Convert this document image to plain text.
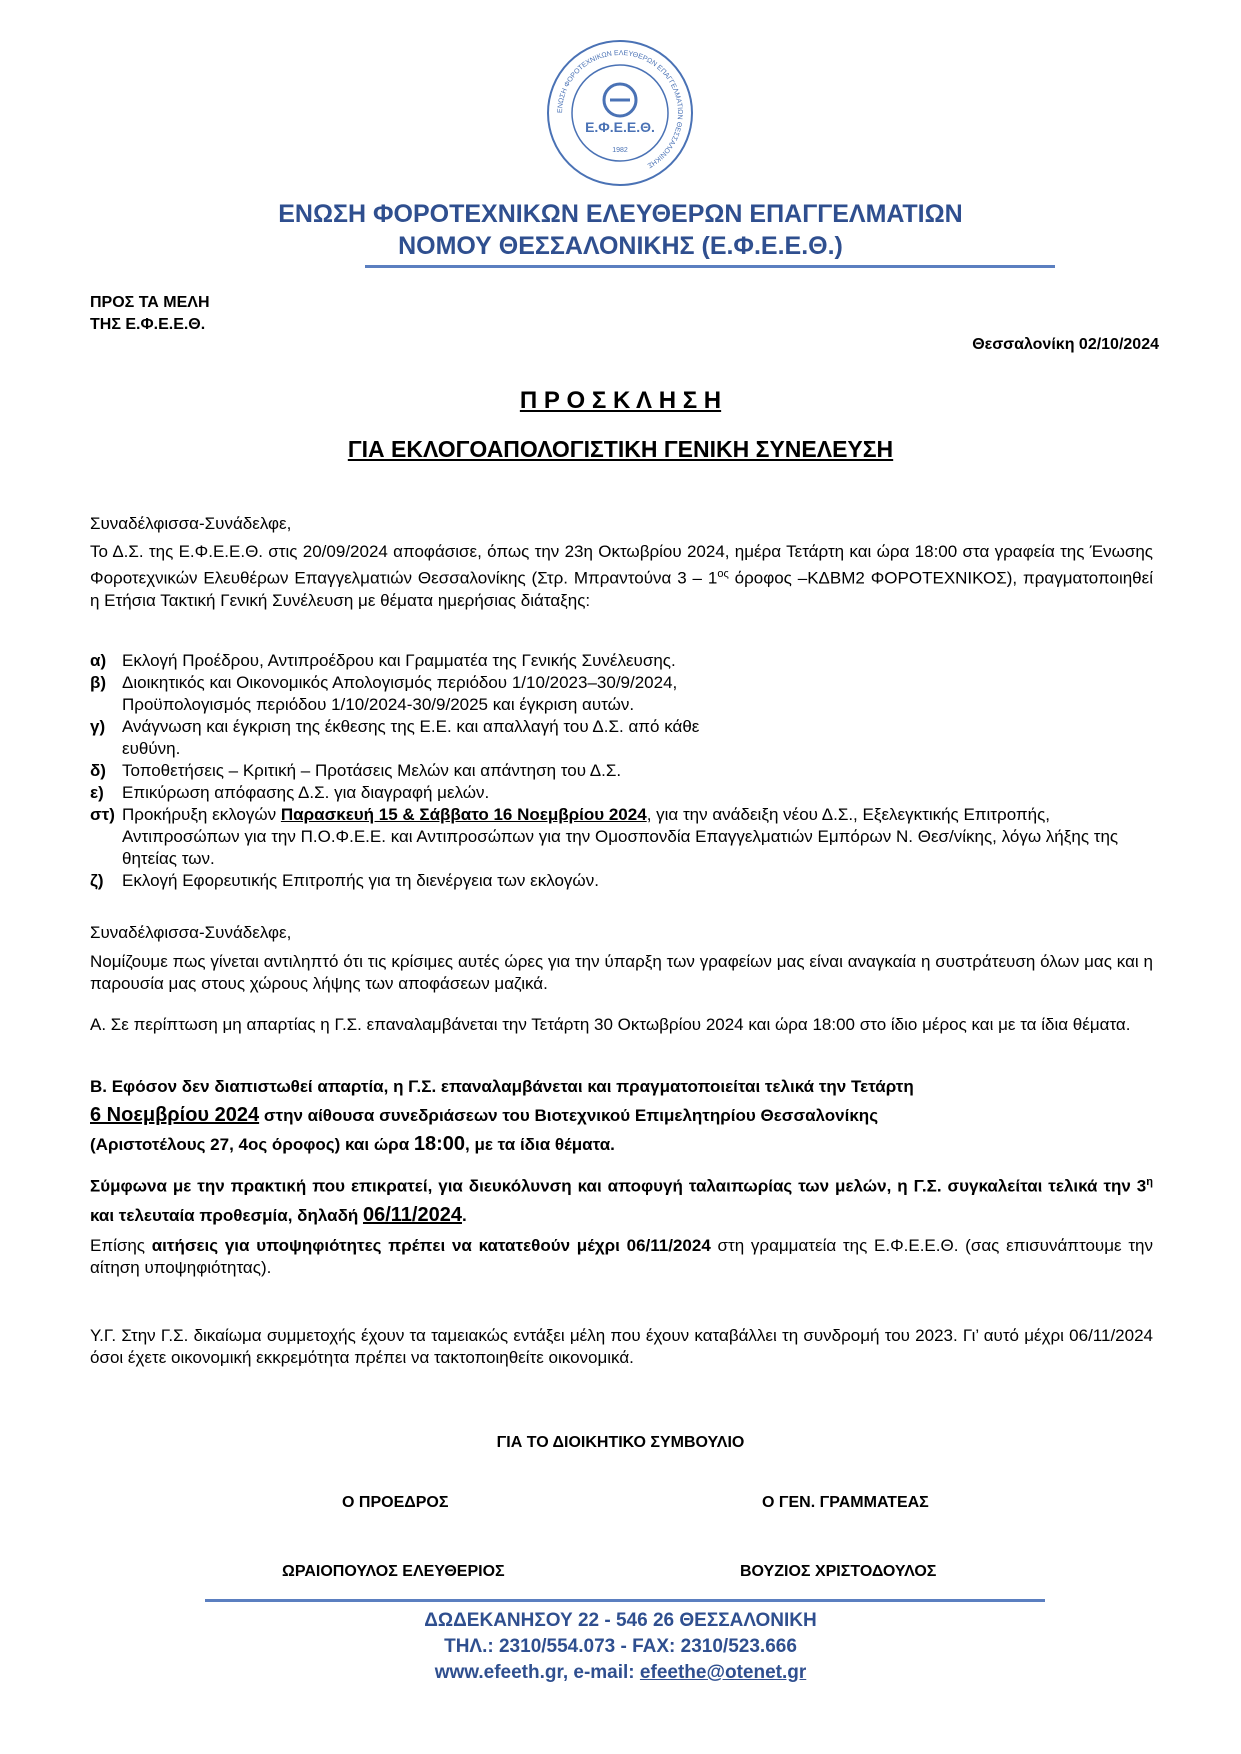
ΕΝΩΣΗ ΦΟΡΟΤΕΧΝΙΚΩΝ ΕΛΕΥΘΕΡΩΝ ΕΠΑΓΓΕΛΜΑΤΙΩΝ ΘΕΣΣΑΛΟΝΙΚΗΣ
Ε.Φ.Ε.Ε.Θ.
1982
ΕΝΩΣΗ ΦΟΡΟΤΕΧΝΙΚΩΝ ΕΛΕΥΘΕΡΩΝ ΕΠΑΓΓΕΛΜΑΤΙΩΝ
ΝΟΜΟΥ ΘΕΣΣΑΛΟΝΙΚΗΣ (Ε.Φ.Ε.Ε.Θ.)
ΠΡΟΣ ΤΑ ΜΕΛΗ
ΤΗΣ Ε.Φ.Ε.Ε.Θ.
Θεσσαλονίκη 02/10/2024
Π Ρ Ο Σ Κ Λ Η Σ Η
ΓΙΑ ΕΚΛΟΓΟΑΠΟΛΟΓΙΣΤΙΚΗ ΓΕΝΙΚΗ ΣΥΝΕΛΕΥΣΗ
Συναδέλφισσα-Συνάδελφε,
Το Δ.Σ. της Ε.Φ.Ε.Ε.Θ. στις 20/09/2024 αποφάσισε, όπως την 23η Οκτωβρίου 2024, ημέρα Τετάρτη και ώρα 18:00 στα γραφεία της Ένωσης Φοροτεχνικών Ελευθέρων Επαγγελματιών Θεσσαλονίκης (Στρ. Μπραντούνα $3 - 1^{o\varsigma}$ όροφος –ΚΔΒΜ2 ΦΟΡΟΤΕΧΝΙΚΟΣ), πραγματοποιηθεί η Ετήσια Τακτική Γενική Συνέλευση με θέματα ημερήσιας διάταξης:
α) Εκλογή Προέδρου, Αντιπροέδρου και Γραμματέα της Γενικής Συνέλευσης.
β) Διοικητικός και Οικονομικός Απολογισμός περιόδου 1/10/2023–30/9/2024,
Προϋπολογισμός περιόδου 1/10/2024-30/9/2025 και έγκριση αυτών.
γ) Ανάγνωση και έγκριση της έκθεσης της Ε.Ε. και απαλλαγή του Δ.Σ. από κάθε
ευθύνη.
δ) Τοποθετήσεις – Κριτική – Προτάσεις Μελών και απάντηση του Δ.Σ.
ε) Επικύρωση απόφασης Δ.Σ. για διαγραφή μελών.
στ) Προκήρυξη εκλογών Παρασκευή 15 & Σάββατο 16 Νοεμβρίου 2024, για την ανάδειξη νέου Δ.Σ., Εξελεγκτικής Επιτροπής, Αντιπροσώπων για την Π.Ο.Φ.Ε.Ε. και Αντιπροσώπων για την Ομοσπονδία Επαγγελματιών Εμπόρων Ν. Θεσ/νίκης, λόγω λήξης της θητείας των.
ζ) Εκλογή Εφορευτικής Επιτροπής για τη διενέργεια των εκλογών.
Συναδέλφισσα-Συνάδελφε,
Νομίζουμε πως γίνεται αντιληπτό ότι τις κρίσιμες αυτές ώρες για την ύπαρξη των γραφείων μας είναι αναγκαία η συστράτευση όλων μας και η παρουσία μας στους χώρους λήψης των αποφάσεων μαζικά.
Α. Σε περίπτωση μη απαρτίας η Γ.Σ. επαναλαμβάνεται την Τετάρτη 30 Οκτωβρίου 2024 και ώρα 18:00 στο ίδιο μέρος και με τα ίδια θέματα.
Β. Εφόσον δεν διαπιστωθεί απαρτία, η Γ.Σ. επαναλαμβάνεται και πραγματοποιείται τελικά την Τετάρτη
6 Νοεμβρίου 2024 στην αίθουσα συνεδριάσεων του Βιοτεχνικού Επιμελητηρίου Θεσσαλονίκης
(Αριστοτέλους 27, 4ος όροφος) και ώρα 18:00, με τα ίδια θέματα.
Σύμφωνα με την πρακτική που επικρατεί, για διευκόλυνση και αποφυγή ταλαιπωρίας των μελών, η Γ.Σ. συγκαλείται τελικά την $3^\eta$ και τελευταία προθεσμία, δηλαδή 06/11/2024.
Επίσης αιτήσεις για υποψηφιότητες πρέπει να κατατεθούν μέχρι 06/11/2024 στη γραμματεία της Ε.Φ.Ε.Ε.Θ. (σας επισυνάπτουμε την αίτηση υποψηφιότητας).
Υ.Γ. Στην Γ.Σ. δικαίωμα συμμετοχής έχουν τα ταμειακώς εντάξει μέλη που έχουν καταβάλλει τη συνδρομή του 2023. Γι’ αυτό μέχρι 06/11/2024 όσοι έχετε οικονομική εκκρεμότητα πρέπει να τακτοποιηθείτε οικονομικά.
ΓΙΑ ΤΟ ΔΙΟΙΚΗΤΙΚΟ ΣΥΜΒΟΥΛΙΟ
Ο ΠΡΟΕΔΡΟΣ	Ο ΓΕΝ. ΓΡΑΜΜΑΤΕΑΣ
ΩΡΑΙΟΠΟΥΛΟΣ ΕΛΕΥΘΕΡΙΟΣ	ΒΟΥΖΙΟΣ ΧΡΙΣΤΟΔΟΥΛΟΣ
ΔΩΔΕΚΑΝΗΣΟΥ 22 - 546 26 ΘΕΣΣΑΛΟΝΙΚΗ
ΤΗΛ.: 2310/554.073 - FAX: 2310/523.666
www.efeeth.gr, e-mail: efeethe@otenet.gr
